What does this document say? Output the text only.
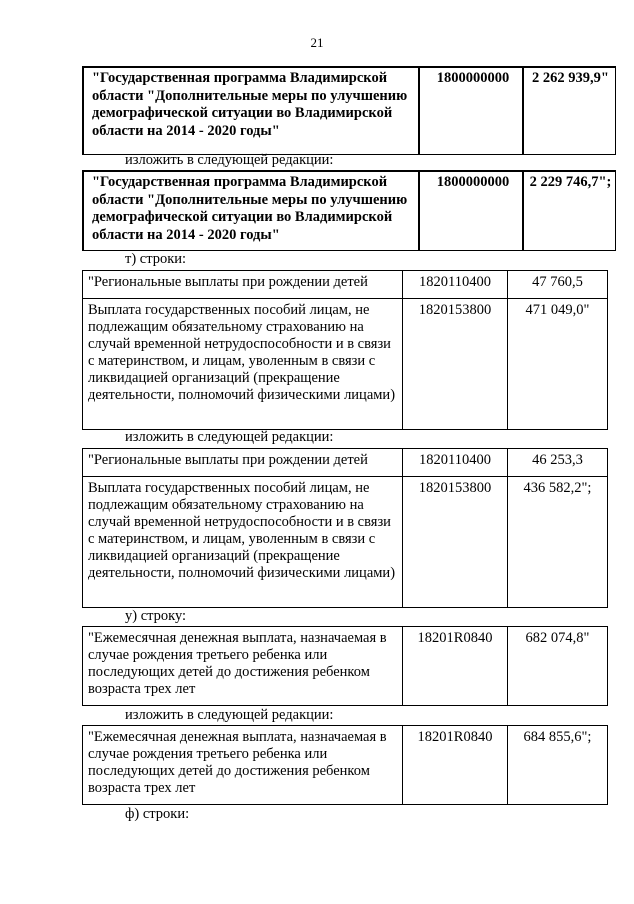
21
"Государственная программа Владимирской области "Дополнительные меры по улучшению демографической ситуации во Владимирской области на 2014 - 2020 годы"	1800000000	2 262 939,9"
изложить в следующей редакции:
"Государственная программа Владимирской области "Дополнительные меры по улучшению демографической ситуации во Владимирской области на 2014 - 2020 годы"	1800000000	2 229 746,7";
т) строки:
"Региональные выплаты при рождении детей	1820110400	47 760,5
Выплата государственных пособий лицам, не подлежащим обязательному страхованию на случай временной нетрудоспособности и в связи с материнством, и лицам, уволенным в связи с ликвидацией организаций (прекращение деятельности, полномочий физическими лицами)	1820153800	471 049,0"
изложить в следующей редакции:
"Региональные выплаты при рождении детей	1820110400	46 253,3
Выплата государственных пособий лицам, не подлежащим обязательному страхованию на случай временной нетрудоспособности и в связи с материнством, и лицам, уволенным в связи с ликвидацией организаций (прекращение деятельности, полномочий физическими лицами)	1820153800	436 582,2";
у) строку:
"Ежемесячная денежная выплата, назначаемая в случае рождения третьего ребенка или последующих детей до достижения ребенком возраста трех лет	18201R0840	682 074,8"
изложить в следующей редакции:
"Ежемесячная денежная выплата, назначаемая в случае рождения третьего ребенка или последующих детей до достижения ребенком возраста трех лет	18201R0840	684 855,6";
ф) строки:
